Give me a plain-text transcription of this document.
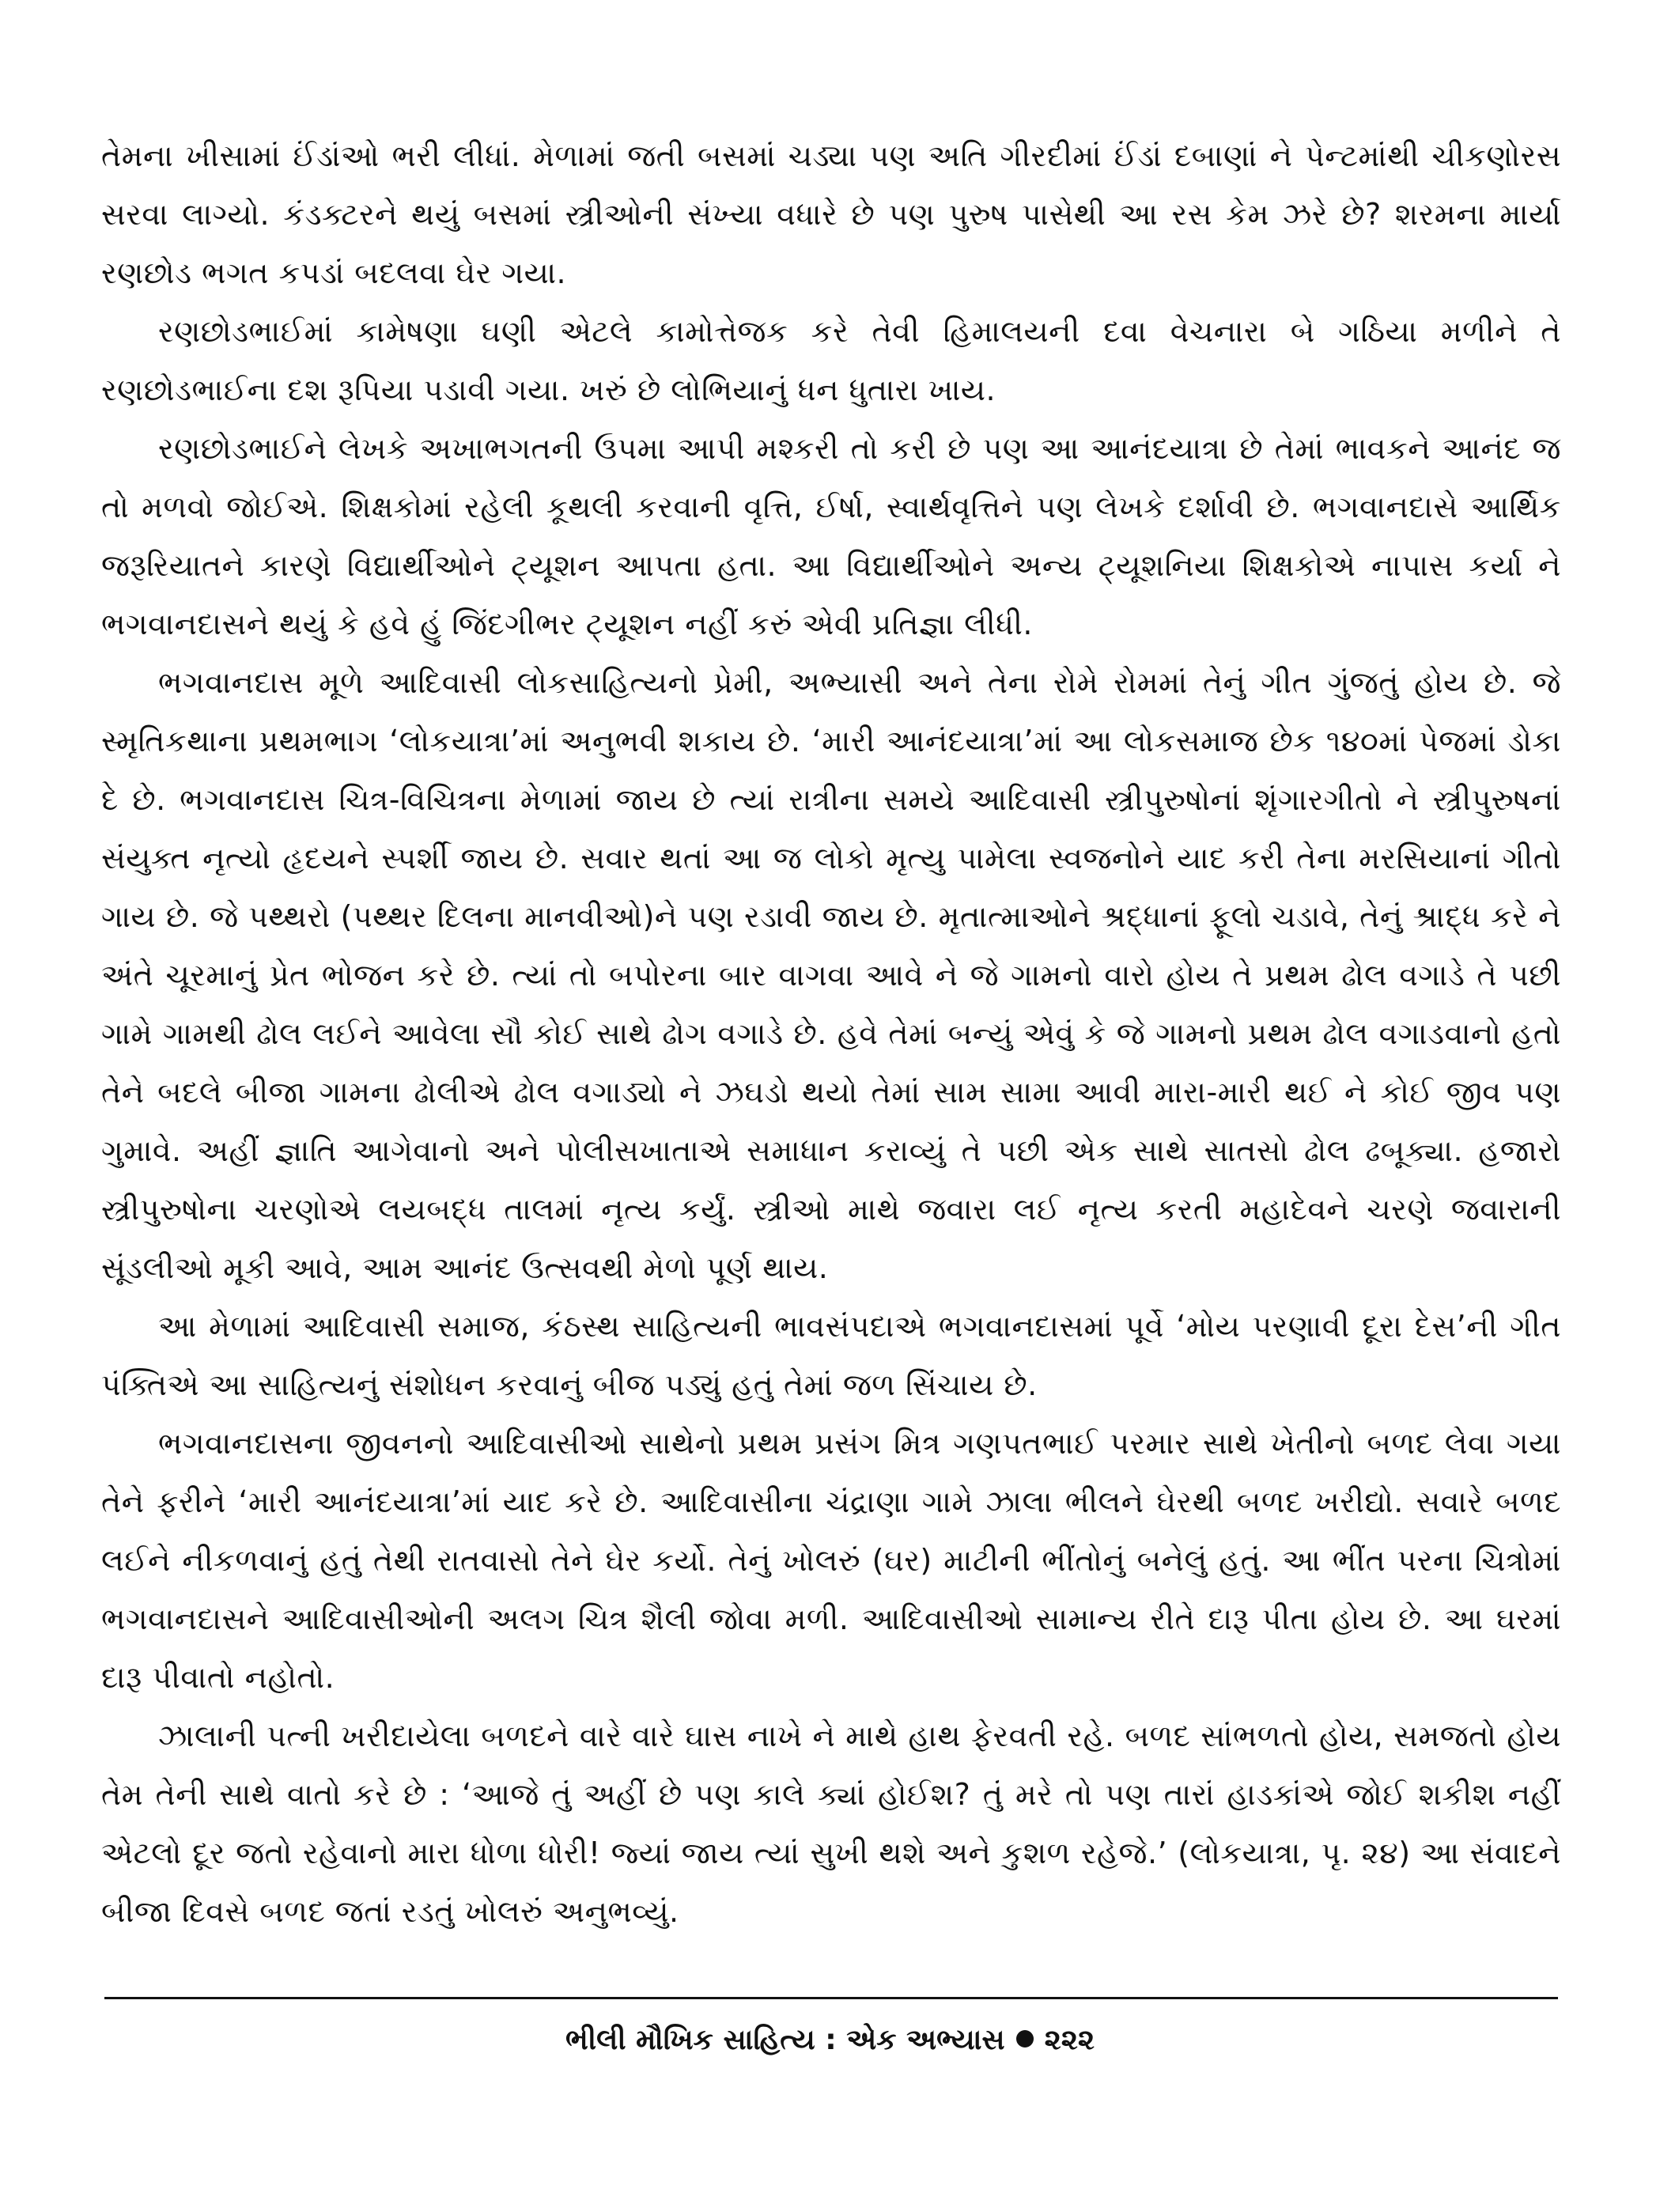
તેમના ખીસામાં ઈંડાંઓ ભરી લીધાં. મેળામાં જતી બસમાં ચડ્યા પણ અતિ ગીરદીમાં ઈંડાં દબાણાં ને પેન્ટમાંથી ચીકણોરસ સરવા લાગ્યો. કંડક્ટરને થયું બસમાં સ્ત્રીઓની સંખ્યા વધારે છે પણ પુરુષ પાસેથી આ રસ કેમ ઝરે છે? શરમના માર્યા રણછોડ ભગત કપડાં બદલવા ઘેર ગયા.

રણછોડભાઈમાં કામેષણા ઘણી એટલે કામોત્તેજક કરે તેવી હિમાલયની દવા વેચનારા બે ગઠિયા મળીને તે રણછોડભાઈના દશ રૂપિયા પડાવી ગયા. ખરું છે લોભિયાનું ધન ધુતારા ખાય.

રણછોડભાઈને લેખકે અખાભગતની ઉપમા આપી મશ્કરી તો કરી છે પણ આ આનંદયાત્રા છે તેમાં ભાવકને આનંદ જ તો મળવો જોઈએ. શિક્ષકોમાં રહેલી કૂથલી કરવાની વૃત્તિ, ઈર્ષા, સ્વાર્થવૃત્તિને પણ લેખકે દર્શાવી છે. ભગવાનદાસે આર્થિક જરૂરિયાતને કારણે વિદ્યાર્થીઓને ટ્યૂશન આપતા હતા. આ વિદ્યાર્થીઓને અન્ય ટ્યૂશનિયા શિક્ષકોએ નાપાસ કર્યા ને ભગવાનદાસને થયું કે હવે હું જિંદગીભર ટ્યૂશન નહીં કરું એવી પ્રતિજ્ઞા લીધી.

ભગવાનદાસ મૂળે આદિવાસી લોકસાહિત્યનો પ્રેમી, અભ્યાસી અને તેના રોમે રોમમાં તેનું ગીત ગુંજતું હોય છે. જે સ્મૃતિકથાના પ્રથમભાગ ‘લોકયાત્રા’માં અનુભવી શકાય છે. ‘મારી આનંદયાત્રા’માં આ લોકસમાજ છેક ૧૪૦માં પેજમાં ડોકા દે છે. ભગવાનદાસ ચિત્ર-વિચિત્રના મેળામાં જાય છે ત્યાં રાત્રીના સમયે આદિવાસી સ્ત્રીપુરુષોનાં શૃંગારગીતો ને સ્ત્રીપુરુષનાં સંયુક્ત નૃત્યો હૃદયને સ્પર્શી જાય છે. સવાર થતાં આ જ લોકો મૃત્યુ પામેલા સ્વજનોને યાદ કરી તેના મરસિયાનાં ગીતો ગાય છે. જે પથ્થરો (પથ્થર દિલના માનવીઓ)ને પણ રડાવી જાય છે. મૃતાત્માઓને શ્રદ્ધાનાં ફૂલો ચડાવે, તેનું શ્રાદ્ધ કરે ને અંતે ચૂરમાનું પ્રેત ભોજન કરે છે. ત્યાં તો બપોરના બાર વાગવા આવે ને જે ગામનો વારો હોય તે પ્રથમ ઢોલ વગાડે તે પછી ગામે ગામથી ઢોલ લઈને આવેલા સૌ કોઈ સાથે ઢોગ વગાડે છે. હવે તેમાં બન્યું એવું કે જે ગામનો પ્રથમ ઢોલ વગાડવાનો હતો તેને બદલે બીજા ગામના ઢોલીએ ઢોલ વગાડ્યો ને ઝઘડો થયો તેમાં સામ સામા આવી મારા-મારી થઈ ને કોઈ જીવ પણ ગુમાવે. અહીં જ્ઞાતિ આગેવાનો અને પોલીસખાતાએ સમાધાન કરાવ્યું તે પછી એક સાથે સાતસો ઢોલ ઢબૂક્યા. હજારો સ્ત્રીપુરુષોના ચરણોએ લયબદ્ધ તાલમાં નૃત્ય કર્યું. સ્ત્રીઓ માથે જવારા લઈ નૃત્ય કરતી મહાદેવને ચરણે જવારાની સૂંડલીઓ મૂકી આવે, આમ આનંદ ઉત્સવથી મેળો પૂર્ણ થાય.

આ મેળામાં આદિવાસી સમાજ, કંઠસ્થ સાહિત્યની ભાવસંપદાએ ભગવાનદાસમાં પૂર્વે ‘મોય પરણાવી દૂરા દેસ’ની ગીત પંક્તિએ આ સાહિત્યનું સંશોધન કરવાનું બીજ પડ્યું હતું તેમાં જળ સિંચાય છે.

ભગવાનદાસના જીવનનો આદિવાસીઓ સાથેનો પ્રથમ પ્રસંગ મિત્ર ગણપતભાઈ પરમાર સાથે ખેતીનો બળદ લેવા ગયા તેને ફરીને ‘મારી આનંદયાત્રા’માં યાદ કરે છે. આદિવાસીના ચંદ્રાણા ગામે ઝાલા ભીલને ઘેરથી બળદ ખરીદ્યો. સવારે બળદ લઈને નીકળવાનું હતું તેથી રાતવાસો તેને ઘેર કર્યો. તેનું ખોલરું (ઘર) માટીની ભીંતોનું બનેલું હતું. આ ભીંત પરના ચિત્રોમાં ભગવાનદાસને આદિવાસીઓની અલગ ચિત્ર શૈલી જોવા મળી. આદિવાસીઓ સામાન્ય રીતે દારૂ પીતા હોય છે. આ ઘરમાં દારૂ પીવાતો નહોતો.

ઝાલાની પત્ની ખરીદાયેલા બળદને વારે વારે ઘાસ નાખે ને માથે હાથ ફેરવતી રહે. બળદ સાંભળતો હોય, સમજતો હોય તેમ તેની સાથે વાતો કરે છે : ‘આજે તું અહીં છે પણ કાલે ક્યાં હોઈશ? તું મરે તો પણ તારાં હાડકાંએ જોઈ શકીશ નહીં એટલો દૂર જતો રહેવાનો મારા ધોળા ધોરી! જ્યાં જાય ત્યાં સુખી થશે અને કુશળ રહેજે.’ (લોકયાત્રા, પૃ. ૨૪) આ સંવાદને બીજા દિવસે બળદ જતાં રડતું ખોલરું અનુભવ્યું.

ભીલી મૌખિક સાહિત્ય : એક અભ્યાસ ૨૨૨
